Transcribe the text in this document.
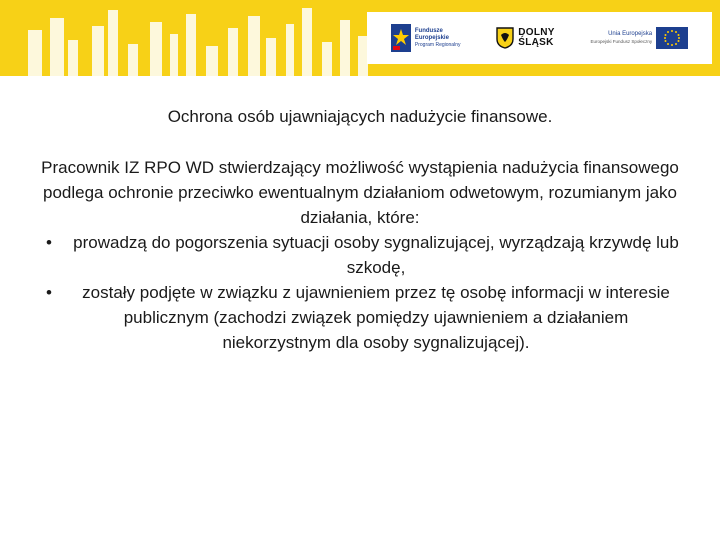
Fundusze
Europejskie
Program Regionalny
DOLNY
ŚLĄSK
Unia Europejska
Europejski Fundusz Społeczny
Ochrona osób ujawniających nadużycie finansowe.

Pracownik IZ RPO WD stwierdzający możliwość wystąpienia nadużycia finansowego podlega ochronie przeciwko ewentualnym działaniom odwetowym, rozumianym jako działania, które:

• prowadzą do pogorszenia sytuacji osoby sygnalizującej, wyrządzają krzywdę lub szkodę,
• zostały podjęte w związku z ujawnieniem przez tę osobę informacji w interesie publicznym (zachodzi związek pomiędzy ujawnieniem a działaniem niekorzystnym dla osoby sygnalizującej).
